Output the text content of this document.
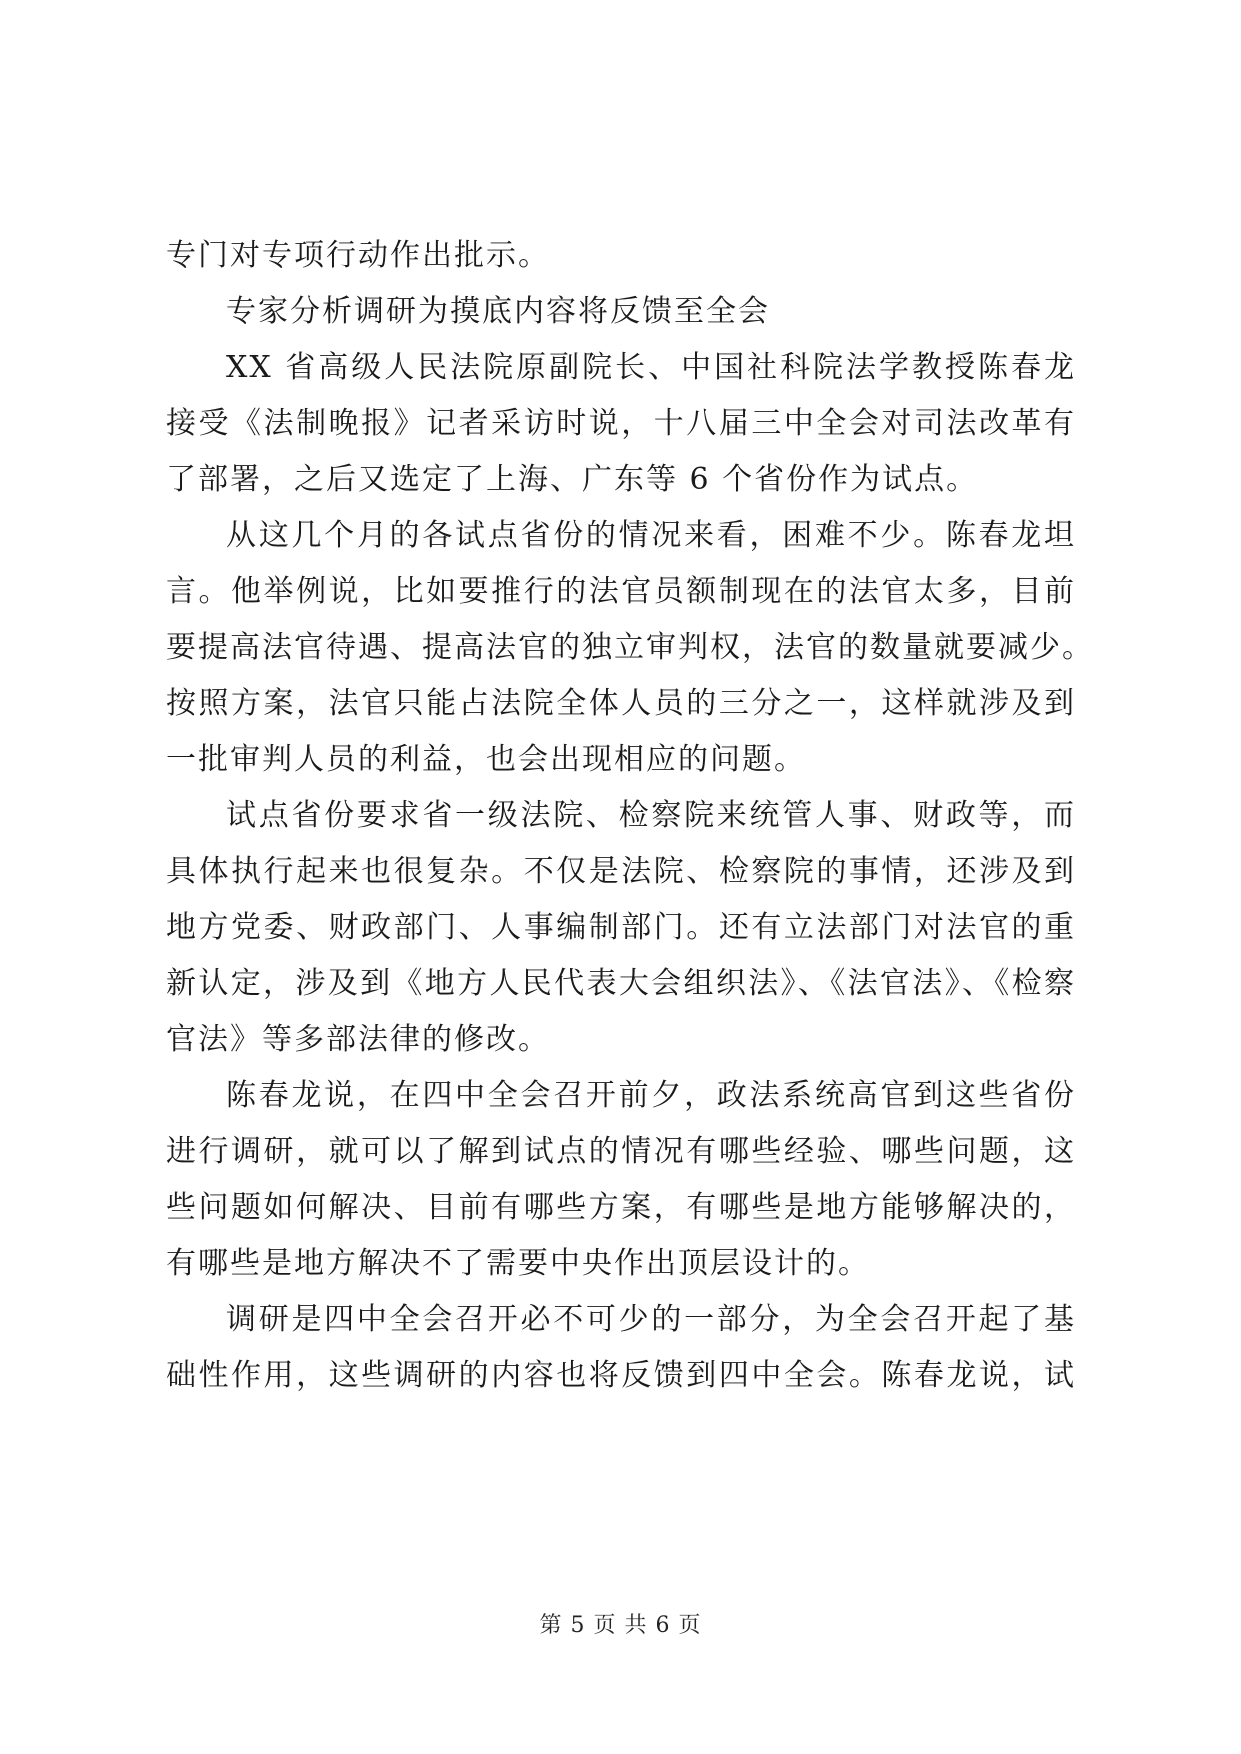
专门对专项行动作出批示。
专家分析调研为摸底内容将反馈至全会
XX 省高级人民法院原副院长、中国社科院法学教授陈春龙
接受《法制晚报》记者采访时说，十八届三中全会对司法改革有
了部署，之后又选定了上海、广东等 6 个省份作为试点。
从这几个月的各试点省份的情况来看，困难不少。陈春龙坦
言。他举例说，比如要推行的法官员额制现在的法官太多，目前
要提高法官待遇、提高法官的独立审判权，法官的数量就要减少。
按照方案，法官只能占法院全体人员的三分之一，这样就涉及到
一批审判人员的利益，也会出现相应的问题。
试点省份要求省一级法院、检察院来统管人事、财政等，而
具体执行起来也很复杂。不仅是法院、检察院的事情，还涉及到
地方党委、财政部门、人事编制部门。还有立法部门对法官的重
新认定，涉及到《地方人民代表大会组织法》、《法官法》、《检察
官法》等多部法律的修改。
陈春龙说，在四中全会召开前夕，政法系统高官到这些省份
进行调研，就可以了解到试点的情况有哪些经验、哪些问题，这
些问题如何解决、目前有哪些方案，有哪些是地方能够解决的，
有哪些是地方解决不了需要中央作出顶层设计的。
调研是四中全会召开必不可少的一部分，为全会召开起了基
础性作用，这些调研的内容也将反馈到四中全会。陈春龙说，试
第 5 页 共 6 页
